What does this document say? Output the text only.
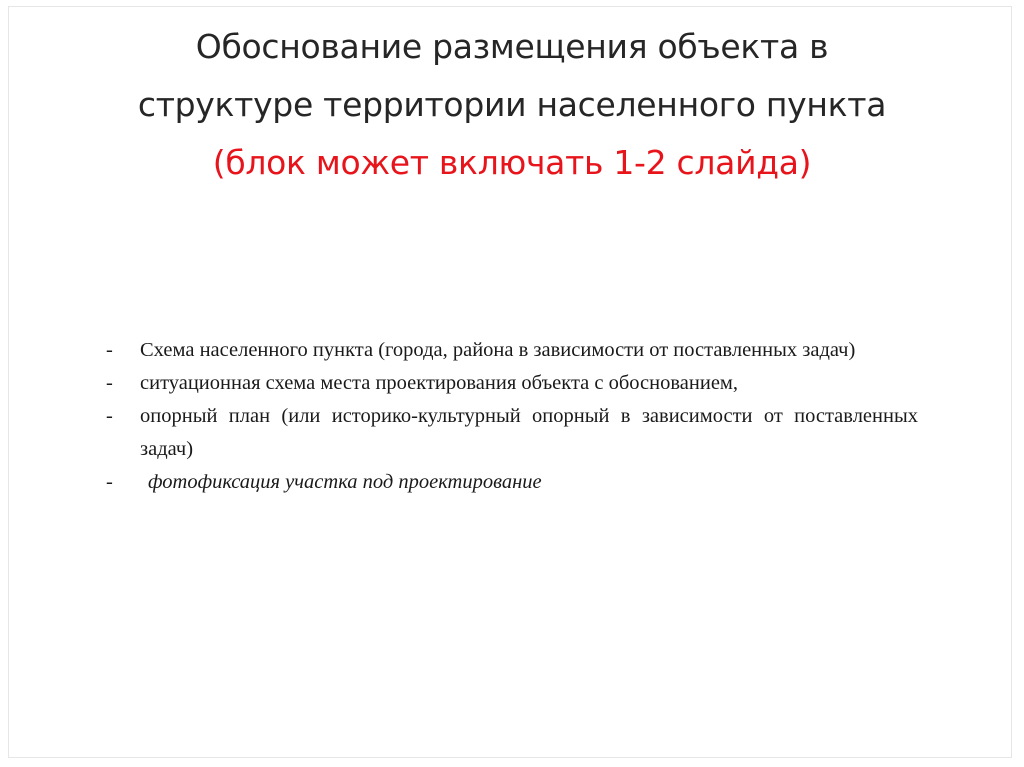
Обоснование размещения объекта в
структуре территории населенного пункта
(блок может включать 1-2 слайда)
- Схема населенного пункта (города, района в зависимости от поставленных задач)
- ситуационная схема места проектирования объекта с обоснованием,
- опорный план (или историко-культурный опорный в зависимости от поставленных задач)
- фотофиксация участка под проектирование
